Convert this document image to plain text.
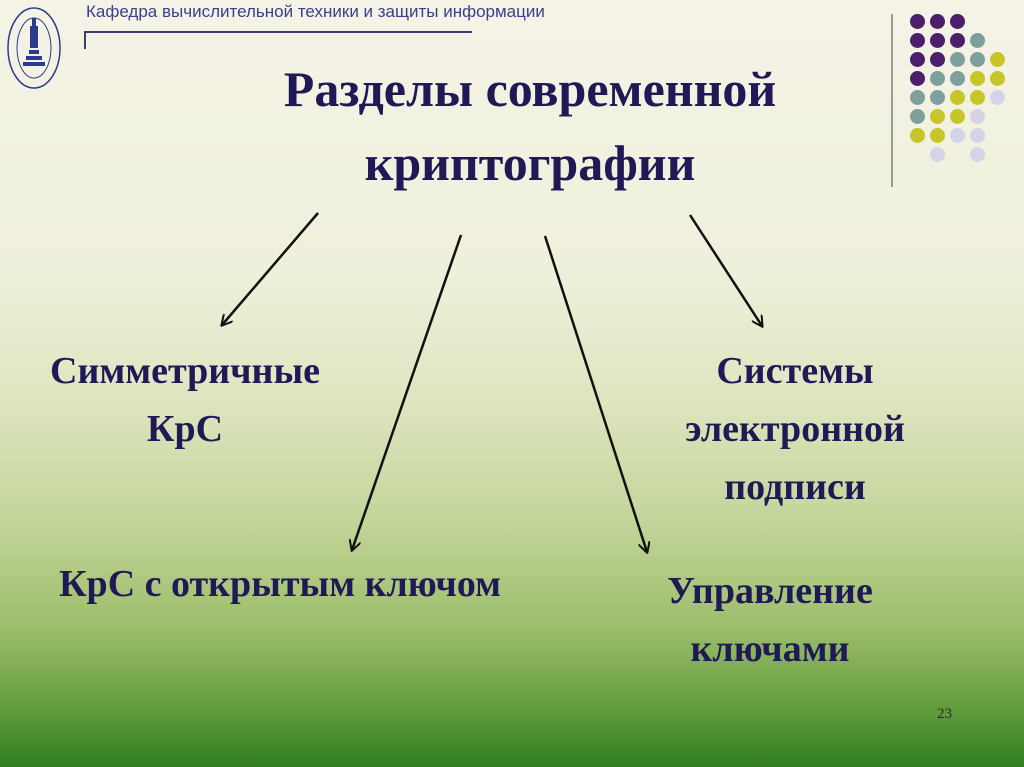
Кафедра вычислительной техники и защиты информации
Разделы современной
криптографии
Симметричные
КрС
КрС с открытым ключом
Системы
электронной
подписи
Управление
ключами
23
